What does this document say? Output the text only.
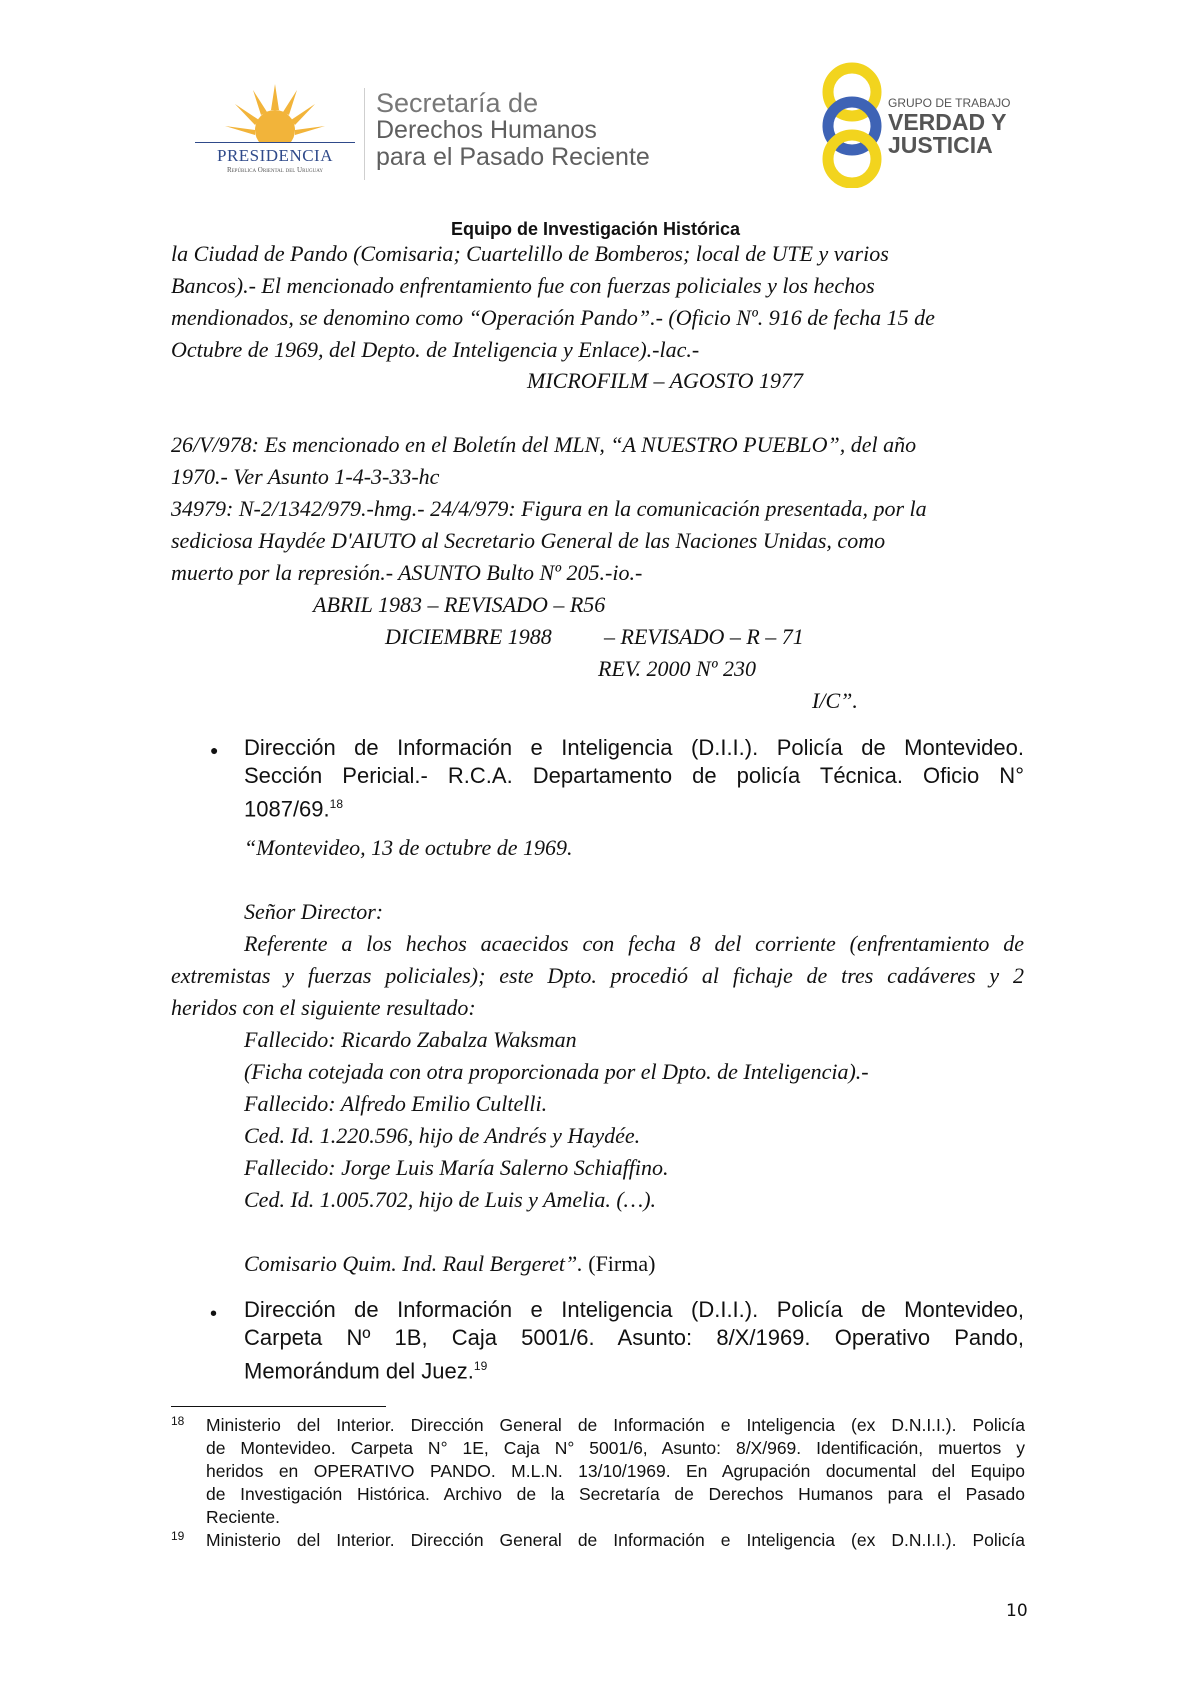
PRESIDENCIA
República Oriental del Uruguay
Secretaría de
Derechos Humanos
para el Pasado Reciente
GRUPO DE TRABAJO
VERDAD Y
JUSTICIA
Equipo de Investigación Histórica
la Ciudad de Pando (Comisaria; Cuartelillo de Bomberos; local de UTE y varios
Bancos).- El mencionado enfrentamiento fue con fuerzas policiales y los hechos
mendionados, se denomino como “Operación Pando”.- (Oficio Nº. 916 de fecha 15 de
Octubre de 1969, del Depto. de Inteligencia y Enlace).-lac.-
MICROFILM – AGOSTO 1977
26/V/978: Es mencionado en el Boletín del MLN, “A NUESTRO PUEBLO”, del año
1970.- Ver Asunto 1-4-3-33-hc
34979: N-2/1342/979.-hmg.- 24/4/979: Figura en la comunicación presentada, por la
sediciosa Haydée D'AIUTO al Secretario General de las Naciones Unidas, como
muerto por la represión.- ASUNTO Bulto Nº 205.-io.-
ABRIL 1983 – REVISADO – R56
DICIEMBRE 1988 – REVISADO – R – 71
REV. 2000 Nº 230
I/C”.
● Dirección de Información e Inteligencia (D.I.I.). Policía de Montevideo.
Sección Pericial.- R.C.A. Departamento de policía Técnica. Oficio N°
1087/69.18
“Montevideo, 13 de octubre de 1969.
Señor Director:
Referente a los hechos acaecidos con fecha 8 del corriente (enfrentamiento de
extremistas y fuerzas policiales); este Dpto. procedió al fichaje de tres cadáveres y 2
heridos con el siguiente resultado:
Fallecido: Ricardo Zabalza Waksman
(Ficha cotejada con otra proporcionada por el Dpto. de Inteligencia).-
Fallecido: Alfredo Emilio Cultelli.
Ced. Id. 1.220.596, hijo de Andrés y Haydée.
Fallecido: Jorge Luis María Salerno Schiaffino.
Ced. Id. 1.005.702, hijo de Luis y Amelia. (…).
Comisario Quim. Ind. Raul Bergeret”. (Firma)
• Dirección de Información e Inteligencia (D.I.I.). Policía de Montevideo,
Carpeta Nº 1B, Caja 5001/6. Asunto: 8/X/1969. Operativo Pando,
Memorándum del Juez.$^{19}$
18 Ministerio del Interior. Dirección General de Información e Inteligencia (ex D.N.I.I.). Policía
de Montevideo. Carpeta N° 1E, Caja N° 5001/6, Asunto: 8/X/969. Identificación, muertos y
heridos en OPERATIVO PANDO. M.L.N. 13/10/1969. En Agrupación documental del Equipo
de Investigación Histórica. Archivo de la Secretaría de Derechos Humanos para el Pasado
Reciente.
19 Ministerio del Interior. Dirección General de Información e Inteligencia (ex D.N.I.I.). Policía
10
